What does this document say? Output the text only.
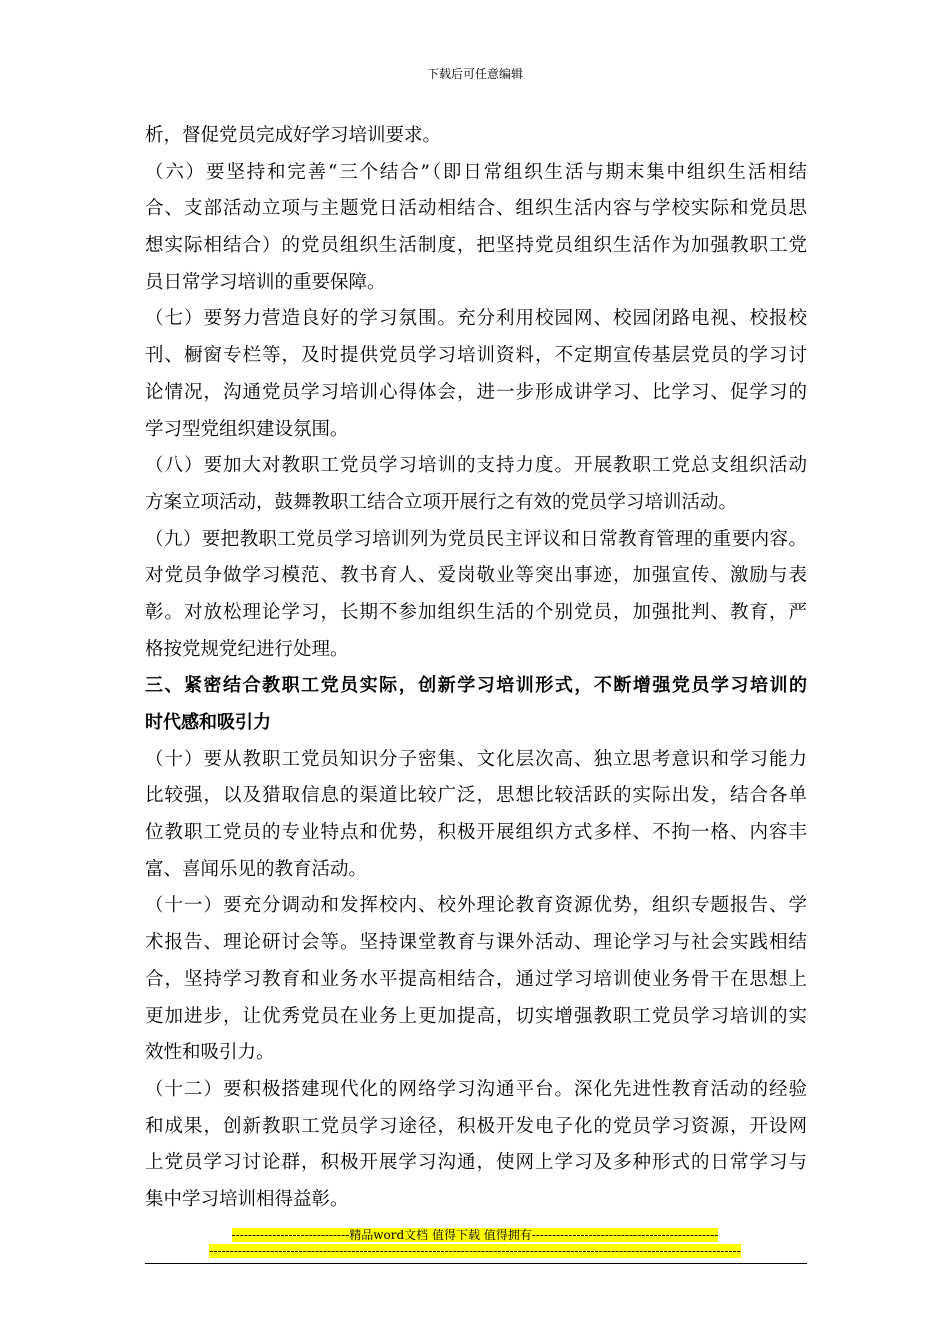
下载后可任意编辑
析，督促党员完成好学习培训要求。
（六）要坚持和完善“三个结合”（即日常组织生活与期末集中组织生活相结
合、支部活动立项与主题党日活动相结合、组织生活内容与学校实际和党员思
想实际相结合）的党员组织生活制度，把坚持党员组织生活作为加强教职工党
员日常学习培训的重要保障。
（七）要努力营造良好的学习氛围。充分利用校园网、校园闭路电视、校报校
刊、橱窗专栏等，及时提供党员学习培训资料，不定期宣传基层党员的学习讨
论情况，沟通党员学习培训心得体会，进一步形成讲学习、比学习、促学习的
学习型党组织建设氛围。
（八）要加大对教职工党员学习培训的支持力度。开展教职工党总支组织活动
方案立项活动，鼓舞教职工结合立项开展行之有效的党员学习培训活动。
（九）要把教职工党员学习培训列为党员民主评议和日常教育管理的重要内容。
对党员争做学习模范、教书育人、爱岗敬业等突出事迹，加强宣传、激励与表
彰。对放松理论学习，长期不参加组织生活的个别党员，加强批判、教育，严
格按党规党纪进行处理。
三、紧密结合教职工党员实际，创新学习培训形式，不断增强党员学习培训的
时代感和吸引力
（十）要从教职工党员知识分子密集、文化层次高、独立思考意识和学习能力
比较强，以及猎取信息的渠道比较广泛，思想比较活跃的实际出发，结合各单
位教职工党员的专业特点和优势，积极开展组织方式多样、不拘一格、内容丰
富、喜闻乐见的教育活动。
（十一）要充分调动和发挥校内、校外理论教育资源优势，组织专题报告、学
术报告、理论研讨会等。坚持课堂教育与课外活动、理论学习与社会实践相结
合，坚持学习教育和业务水平提高相结合，通过学习培训使业务骨干在思想上
更加进步，让优秀党员在业务上更加提高，切实增强教职工党员学习培训的实
效性和吸引力。
（十二）要积极搭建现代化的网络学习沟通平台。深化先进性教育活动的经验
和成果，创新教职工党员学习途径，积极开发电子化的党员学习资源，开设网
上党员学习讨论群，积极开展学习沟通，使网上学习及多种形式的日常学习与
集中学习培训相得益彰。
-----------------------------精品word文档 值得下载 值得拥有----------------------------------------------
-----------------------------------------------------------------------------------------------------------------------------------
